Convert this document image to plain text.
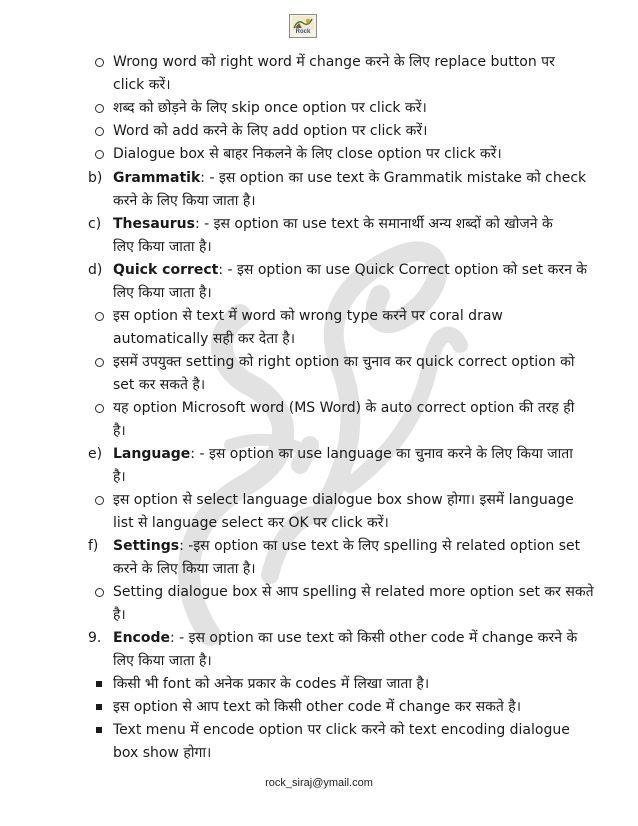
Rock
Wrong word को right word में change करने के लिए replace button पर
click करें।
शब्द को छोड़ने के लिए skip once option पर click करें।
Word को add करने के लिए add option पर click करें।
Dialogue box से बाहर निकलने के लिए close option पर click करें।
b) Grammatik: - इस option का use text के Grammatik mistake को check
करने के लिए किया जाता है।
c) Thesaurus: - इस option का use text के समानार्थी अन्य शब्दों को खोजने के
लिए किया जाता है।
d) Quick correct: - इस option का use Quick Correct option को set करन के
लिए किया जाता है।
इस option से text में word को wrong type करने पर coral draw
automatically सही कर देता है।
इसमें उपयुक्त setting को right option का चुनाव कर quick correct option को
set कर सकते है।
यह option Microsoft word (MS Word) के auto correct option की तरह ही
है।
e) Language: - इस option का use language का चुनाव करने के लिए किया जाता
है।
इस option से select language dialogue box show होगा। इसमें language
list से language select कर OK पर click करें।
f) Settings: -इस option का use text के लिए spelling से related option set
करने के लिए किया जाता है।
Setting dialogue box से आप spelling से related more option set कर सकते
है।
9. Encode: - इस option का use text को किसी other code में change करने के
लिए किया जाता है।
किसी भी font को अनेक प्रकार के codes में लिखा जाता है।
इस option से आप text को किसी other code में change कर सकते है।
Text menu में encode option पर click करने को text encoding dialogue
box show होगा।
rock_siraj@ymail.com
